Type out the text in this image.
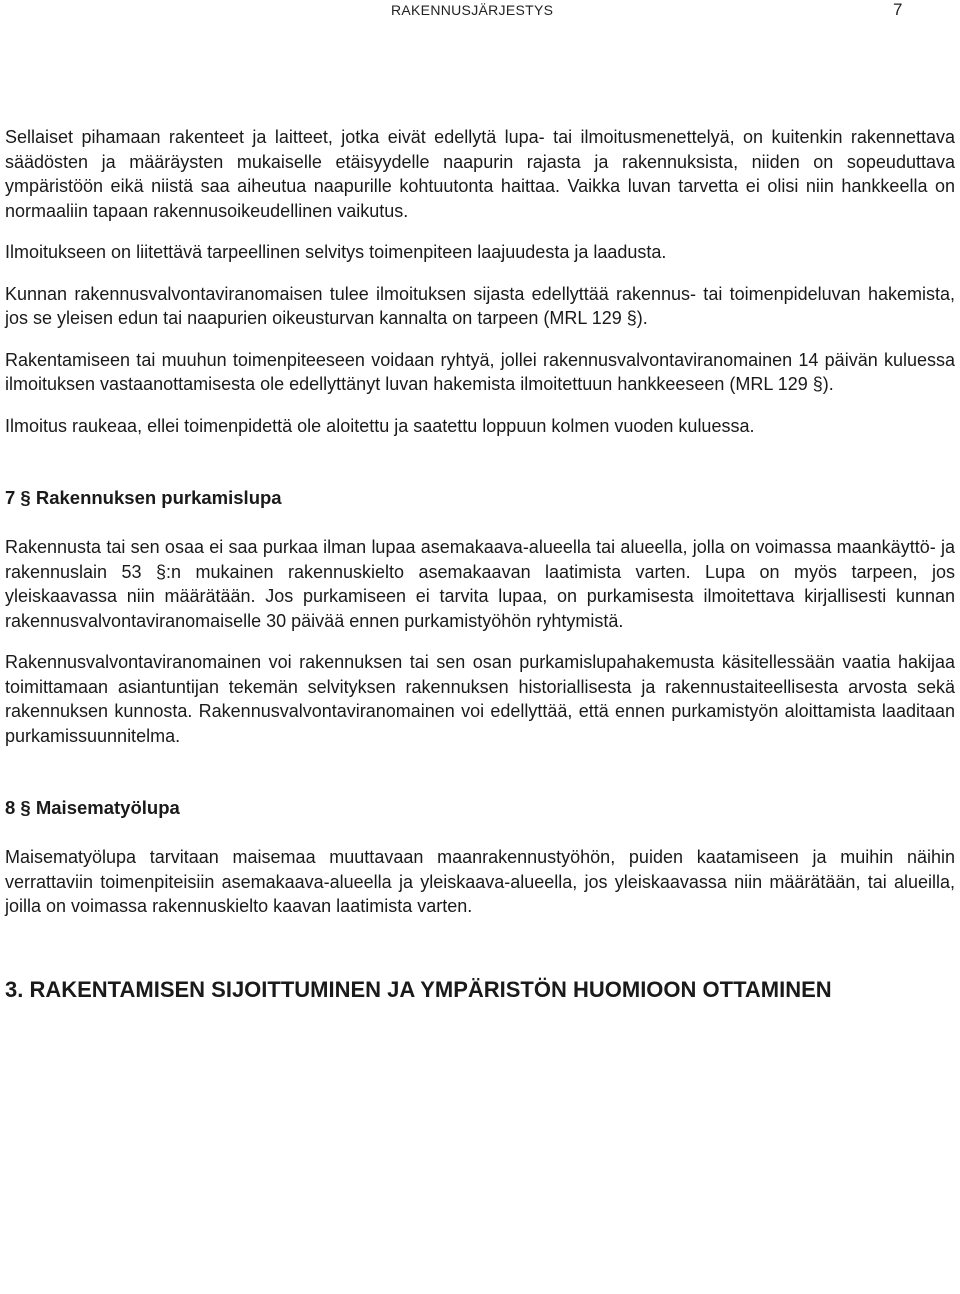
RAKENNUSJÄRJESTYS	7

Sellaiset pihamaan rakenteet ja laitteet, jotka eivät edellytä lupa- tai ilmoitusmenettelyä, on kuitenkin rakennettava säädösten ja määräysten mukaiselle etäisyydelle naapurin rajasta ja rakennuksista, niiden on sopeuduttava ympäristöön eikä niistä saa aiheutua naapurille kohtuutonta haittaa. Vaikka luvan tarvetta ei olisi niin hankkeella on normaaliin tapaan rakennusoikeudellinen vaikutus.

Ilmoitukseen on liitettävä tarpeellinen selvitys toimenpiteen laajuudesta ja laadusta.

Kunnan rakennusvalvontaviranomaisen tulee ilmoituksen sijasta edellyttää rakennus- tai toimenpideluvan hakemista, jos se yleisen edun tai naapurien oikeusturvan kannalta on tarpeen (MRL 129 §).

Rakentamiseen tai muuhun toimenpiteeseen voidaan ryhtyä, jollei rakennusvalvontaviranomainen 14 päivän kuluessa ilmoituksen vastaanottamisesta ole edellyttänyt luvan hakemista ilmoitettuun hankkeeseen (MRL 129 §).

Ilmoitus raukeaa, ellei toimenpidettä ole aloitettu ja saatettu loppuun kolmen vuoden kuluessa.

7 § Rakennuksen purkamislupa

Rakennusta tai sen osaa ei saa purkaa ilman lupaa asemakaava-alueella tai alueella, jolla on voimassa maankäyttö- ja rakennuslain 53 §:n mukainen rakennuskielto asemakaavan laatimista varten. Lupa on myös tarpeen, jos yleiskaavassa niin määrätään. Jos purkamiseen ei tarvita lupaa, on purkamisesta ilmoitettava kirjallisesti kunnan rakennusvalvontaviranomaiselle 30 päivää ennen purkamistyöhön ryhtymistä.

Rakennusvalvontaviranomainen voi rakennuksen tai sen osan purkamislupahakemusta käsitellessään vaatia hakijaa toimittamaan asiantuntijan tekemän selvityksen rakennuksen historiallisesta ja rakennustaiteellisesta arvosta sekä rakennuksen kunnosta. Rakennusvalvontaviranomainen voi edellyttää, että ennen purkamistyön aloittamista laaditaan purkamissuunnitelma.

8 § Maisematyölupa

Maisematyölupa tarvitaan maisemaa muuttavaan maanrakennustyöhön, puiden kaatamiseen ja muihin näihin verrattaviin toimenpiteisiin asemakaava-alueella ja yleiskaava-alueella, jos yleiskaavassa niin määrätään, tai alueilla, joilla on voimassa rakennuskielto kaavan laatimista varten.

3. RAKENTAMISEN SIJOITTUMINEN JA YMPÄRISTÖN HUOMIOON OTTAMINEN
